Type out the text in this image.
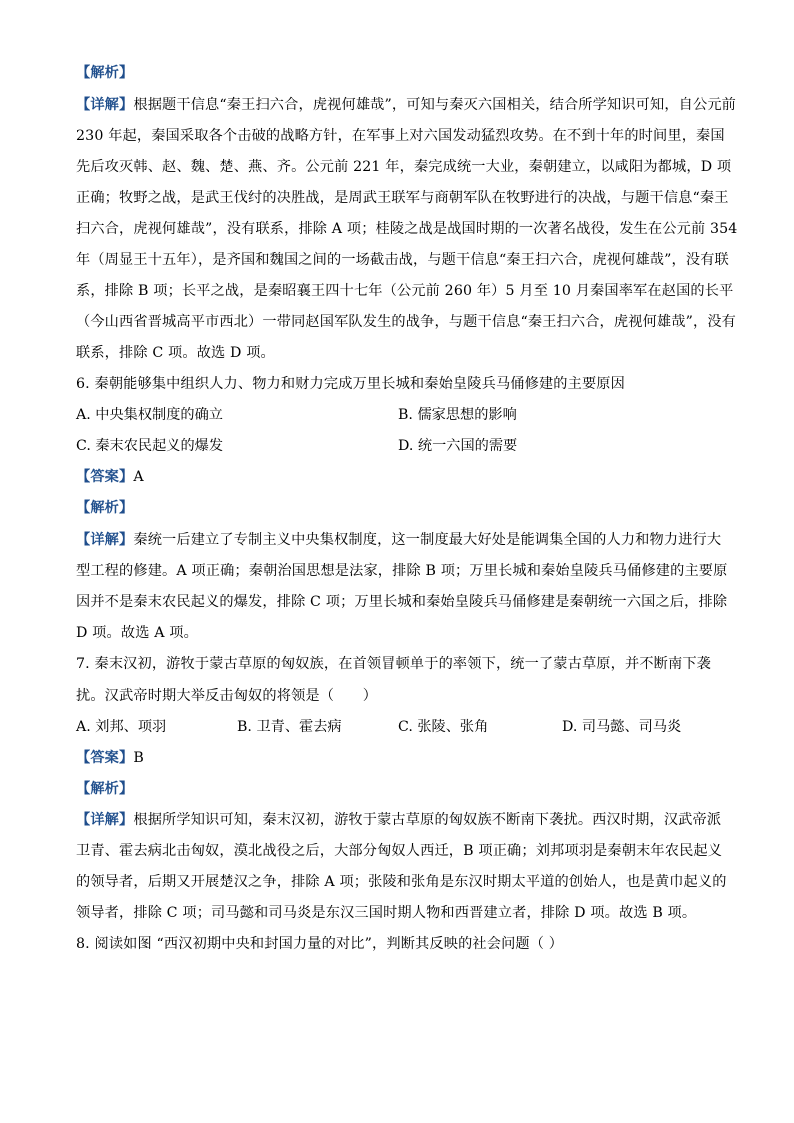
【解析】
【详解】根据题干信息“秦王扫六合，虎视何雄哉”，可知与秦灭六国相关，结合所学知识可知，自公元前
230 年起，秦国采取各个击破的战略方针，在军事上对六国发动猛烈攻势。在不到十年的时间里，秦国
先后攻灭韩、赵、魏、楚、燕、齐。公元前 221 年，秦完成统一大业，秦朝建立，以咸阳为都城，D 项
正确；牧野之战，是武王伐纣的决胜战，是周武王联军与商朝军队在牧野进行的决战，与题干信息“秦王
扫六合，虎视何雄哉”，没有联系，排除 A 项；桂陵之战是战国时期的一次著名战役，发生在公元前 354
年（周显王十五年），是齐国和魏国之间的一场截击战，与题干信息“秦王扫六合，虎视何雄哉”，没有联
系，排除 B 项；长平之战，是秦昭襄王四十七年（公元前 260 年）5 月至 10 月秦国率军在赵国的长平
（今山西省晋城高平市西北）一带同赵国军队发生的战争，与题干信息“秦王扫六合，虎视何雄哉”，没有
联系，排除 C 项。故选 D 项。
6. 秦朝能够集中组织人力、物力和财力完成万里长城和秦始皇陵兵马俑修建的主要原因
A. 中央集权制度的确立	B. 儒家思想的影响
C. 秦末农民起义的爆发	D. 统一六国的需要
【答案】A
【解析】
【详解】秦统一后建立了专制主义中央集权制度，这一制度最大好处是能调集全国的人力和物力进行大
型工程的修建。A 项正确；秦朝治国思想是法家，排除 B 项；万里长城和秦始皇陵兵马俑修建的主要原
因并不是秦末农民起义的爆发，排除 C 项；万里长城和秦始皇陵兵马俑修建是秦朝统一六国之后，排除
D 项。故选 A 项。
7. 秦末汉初，游牧于蒙古草原的匈奴族，在首领冒顿单于的率领下，统一了蒙古草原，并不断南下袭
扰。汉武帝时期大举反击匈奴的将领是（　　）
A. 刘邦、项羽	B. 卫青、霍去病	C. 张陵、张角	D. 司马懿、司马炎
【答案】B
【解析】
【详解】根据所学知识可知，秦末汉初，游牧于蒙古草原的匈奴族不断南下袭扰。西汉时期，汉武帝派
卫青、霍去病北击匈奴，漠北战役之后，大部分匈奴人西迁，B 项正确；刘邦项羽是秦朝末年农民起义
的领导者，后期又开展楚汉之争，排除 A 项；张陵和张角是东汉时期太平道的创始人，也是黄巾起义的
领导者，排除 C 项；司马懿和司马炎是东汉三国时期人物和西晋建立者，排除 D 项。故选 B 项。
8. 阅读如图 “西汉初期中央和封国力量的对比”，判断其反映的社会问题（ ）
